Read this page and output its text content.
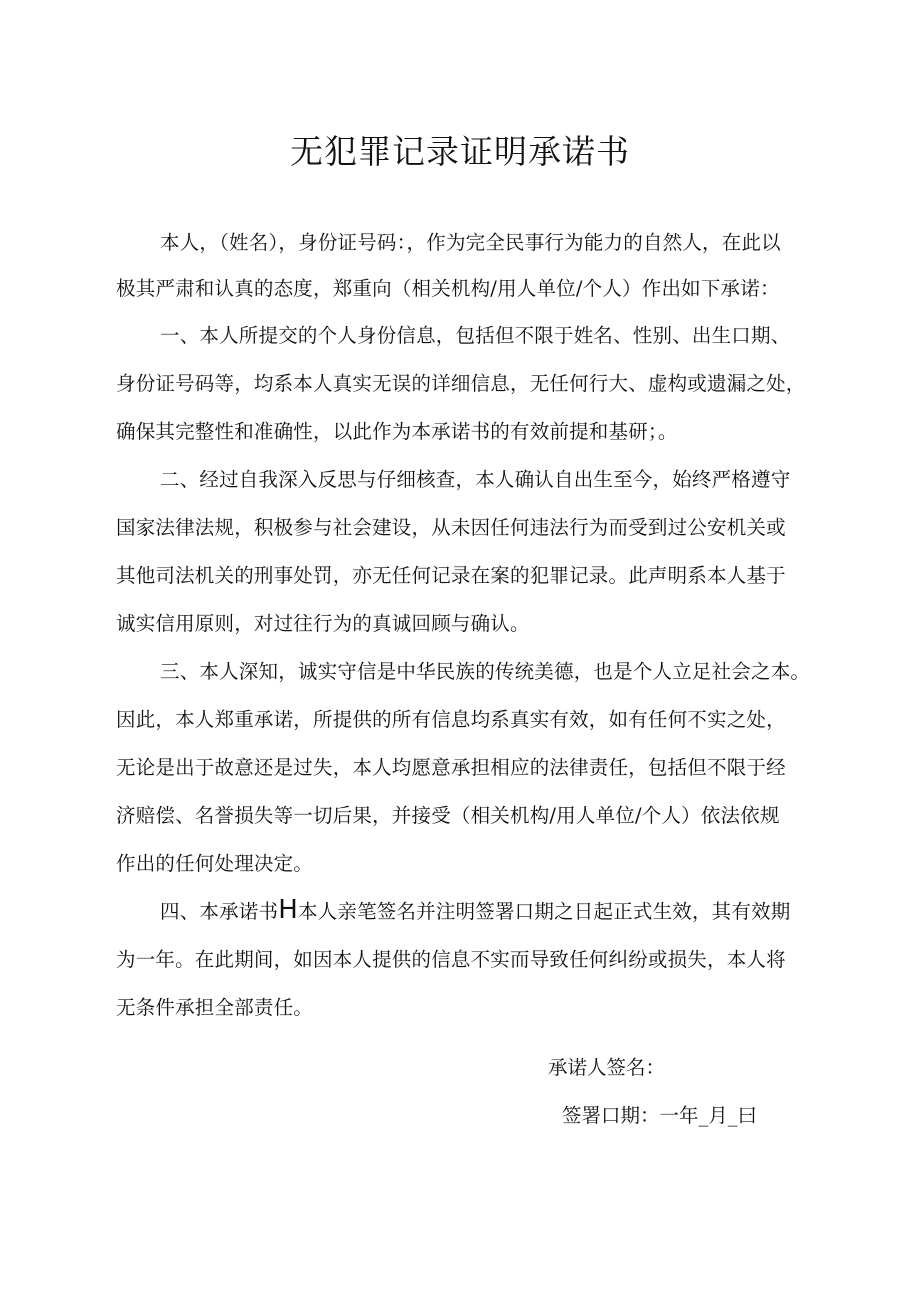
无犯罪记录证明承诺书

本人，（姓名），身份证号码：，作为完全民事行为能力的自然人，在此以

极其严肃和认真的态度，郑重向（相关机构/用人单位/个人）作出如下承诺：

一、本人所提交的个人身份信息，包括但不限于姓名、性别、出生口期、

身份证号码等，均系本人真实无误的详细信息，无任何行大、虚构或遗漏之处，

确保其完整性和准确性，以此作为本承诺书的有效前提和基研；。

二、经过自我深入反思与仔细核查，本人确认自出生至今，始终严格遵守

国家法律法规，积极参与社会建设，从未因任何违法行为而受到过公安机关或

其他司法机关的刑事处罚，亦无任何记录在案的犯罪记录。此声明系本人基于

诚实信用原则，对过往行为的真诚回顾与确认。

三、本人深知，诚实守信是中华民族的传统美德，也是个人立足社会之本。

因此，本人郑重承诺，所提供的所有信息均系真实有效，如有任何不实之处，

无论是出于故意还是过失，本人均愿意承担相应的法律责任，包括但不限于经

济赔偿、名誉损失等一切后果，并接受（相关机构/用人单位/个人）依法依规

作出的任何处理决定。

四、本承诺书H本人亲笔签名并注明签署口期之日起正式生效，其有效期

为一年。在此期间，如因本人提供的信息不实而导致任何纠纷或损失，本人将

无条件承担全部责任。

承诺人签名：

签署口期：一年_月_曰
